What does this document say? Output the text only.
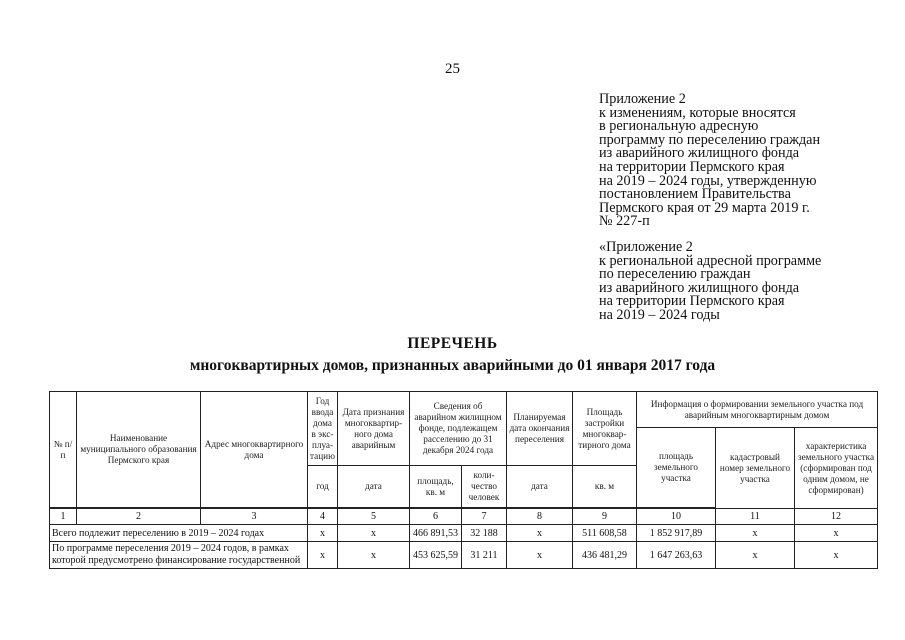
25
Приложение 2
к изменениям, которые вносятся
в региональную адресную
программу по переселению граждан
из аварийного жилищного фонда
на территории Пермского края
на 2019 – 2024 годы, утвержденную
постановлением Правительства
Пермского края от 29 марта 2019 г.
№ 227-п
«Приложение 2
к региональной адресной программе
по переселению граждан
из аварийного жилищного фонда
на территории Пермского края
на 2019 – 2024 годы
ПЕРЕЧЕНЬ
многоквартирных домов, признанных аварийными до 01 января 2017 года
№ п/п	Наименование муниципального образования Пермского края	Адрес многоквартирного дома	Год ввода дома в экс-плуа-тацию	Дата признания многоквартир-ного дома аварийным	Сведения об аварийном жилищном фонде, подлежащем расселению до 31 декабря 2024 года		Планируемая дата окончания переселения	Площадь застройки многоквар-тирного дома	Информация о формировании земельного участка под аварийным многоквартирным домом		
									площадь земельного участка	кадастровый номер земельного участка	характеристика земельного участка (сформирован под одним домом, не сформирован)
			год	дата	площадь, кв. м	коли-чество человек	дата	кв. м			

1	2	3	4	5	6	7	8	9	10	11	12
Всего подлежит переселению в 2019 – 2024 годах			х	х	466 891,53	32 188	х	511 608,58	1 852 917,89	х	х
По программе переселения 2019 – 2024 годов, в рамках которой предусмотрено финансирование государственной			х	х	453 625,59	31 211	х	436 481,29	1 647 263,63	х	х
